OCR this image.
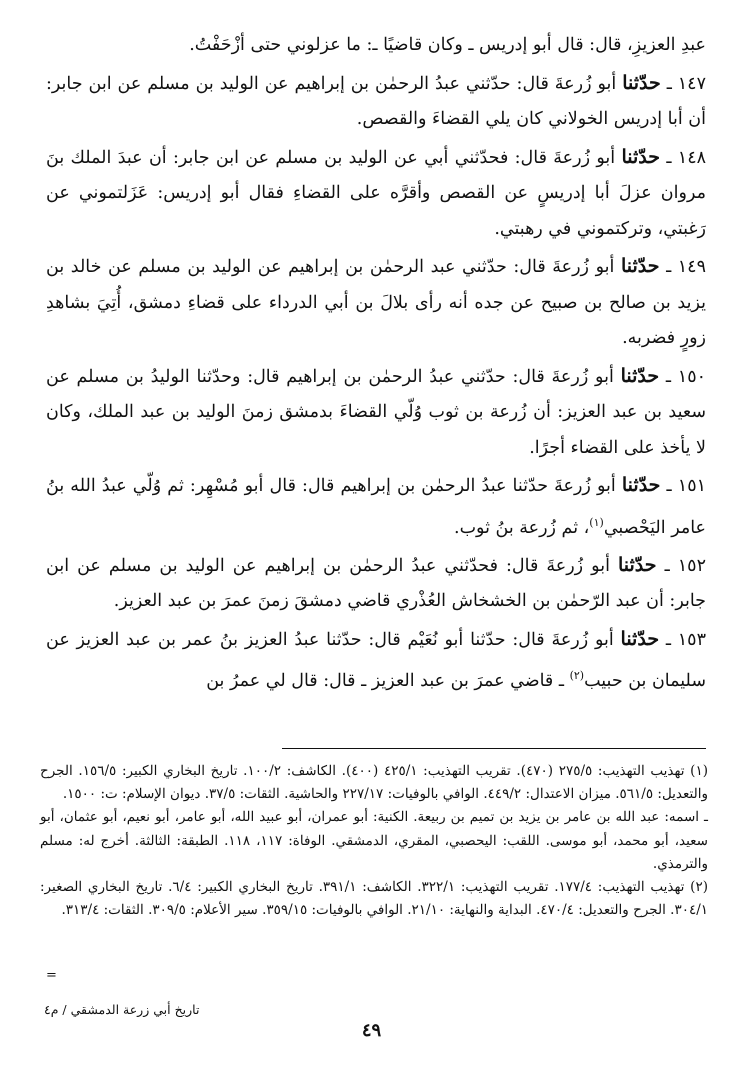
عبدِ العزيزِ، قال: قال أبو إدريس ـ وكان قاضيًا ـ: ما عزلوني حتى أزْحَفْتُ.

١٤٧ ـ حدّثنا أبو زُرعةَ قال: حدّثني عبدُ الرحمٰن بن إبراهيم عن الوليد بن مسلم عن ابن جابر: أن أبا إدريس الخولاني كان يلي القضاءَ والقصص.

١٤٨ ـ حدّثنا أبو زُرعةَ قال: فحدّثني أبي عن الوليد بن مسلم عن ابن جابر: أن عبدَ الملك بنَ مروان عزلَ أبا إدريسٍ عن القصص وأقرَّه على القضاءِ فقال أبو إدريس: عَزَلتموني عن رَغبتي، وتركتموني في رهبتي.

١٤٩ ـ حدّثنا أبو زُرعةَ قال: حدّثني عبد الرحمٰن بن إبراهيم عن الوليد بن مسلم عن خالد بن يزيد بن صالح بن صبيح عن جده أنه رأى بلالَ بن أبي الدرداء على قضاءِ دمشق، أُتِيَ بشاهدِ زورٍ فضربه.

١٥٠ ـ حدّثنا أبو زُرعةَ قال: حدّثني عبدُ الرحمٰن بن إبراهيم قال: وحدّثنا الوليدُ بن مسلم عن سعيد بن عبد العزيز: أن زُرعة بن ثوب وُلّي القضاءَ بدمشق زمنَ الوليد بن عبد الملك، وكان لا يأخذ على القضاء أجرًا.

١٥١ ـ حدّثنا أبو زُرعةَ حدّثنا عبدُ الرحمٰن بن إبراهيم قال: قال أبو مُسْهِر: ثم وُلّي عبدُ الله بنُ عامر اليَحْصبي$^{(١)}$، ثم زُرعة بنُ ثوب.

١٥٢ ـ حدّثنا أبو زُرعةَ قال: فحدّثني عبدُ الرحمٰن بن إبراهيم عن الوليد بن مسلم عن ابن جابر: أن عبد الرّحمٰن بن الخشخاش العُذْري قاضي دمشقَ زمنَ عمرَ بن عبد العزيز.

١٥٣ ـ حدّثنا أبو زُرعةَ قال: حدّثنا أبو نُعَيْم قال: حدّثنا عبدُ العزيز بنُ عمر بن عبد العزيز عن سليمان بن حبيب$^{(٢)}$ ـ قاضي عمرَ بن عبد العزيز ـ قال: قال لي عمرُ بن

(١) تهذيب التهذيب: ٢٧٥/٥ (٤٧٠). تقريب التهذيب: ٤٢٥/١ (٤٠٠). الكاشف: ١٠٠/٢. تاريخ البخاري الكبير: ١٥٦/٥. الجرح والتعديل: ٥٦١/٥. ميزان الاعتدال: ٤٤٩/٢. الوافي بالوفيات: ٢٢٧/١٧ والحاشية. الثقات: ٣٧/٥. ديوان الإسلام: ت: ١٥٠٠.

ـ اسمه: عبد الله بن عامر بن يزيد بن تميم بن ربيعة. الكنية: أبو عمران، أبو عبيد الله، أبو عامر، أبو نعيم، أبو عثمان، أبو سعيد، أبو محمد، أبو موسى. اللقب: اليحصبي، المقري، الدمشقي. الوفاة: ١١٧، ١١٨. الطبقة: الثالثة. أخرج له: مسلم والترمذي.

(٢) تهذيب التهذيب: ١٧٧/٤. تقريب التهذيب: ٣٢٢/١. الكاشف: ٣٩١/١. تاريخ البخاري الكبير: ٦/٤. تاريخ البخاري الصغير: ٣٠٤/١. الجرح والتعديل: ٤٧٠/٤. البداية والنهاية: ٢١/١٠. الوافي بالوفيات: ٣٥٩/١٥. سير الأعلام: ٣٠٩/٥. الثقات: ٣١٣/٤.

=
تاريخ أبي زرعة الدمشقي / م٤
٤٩
